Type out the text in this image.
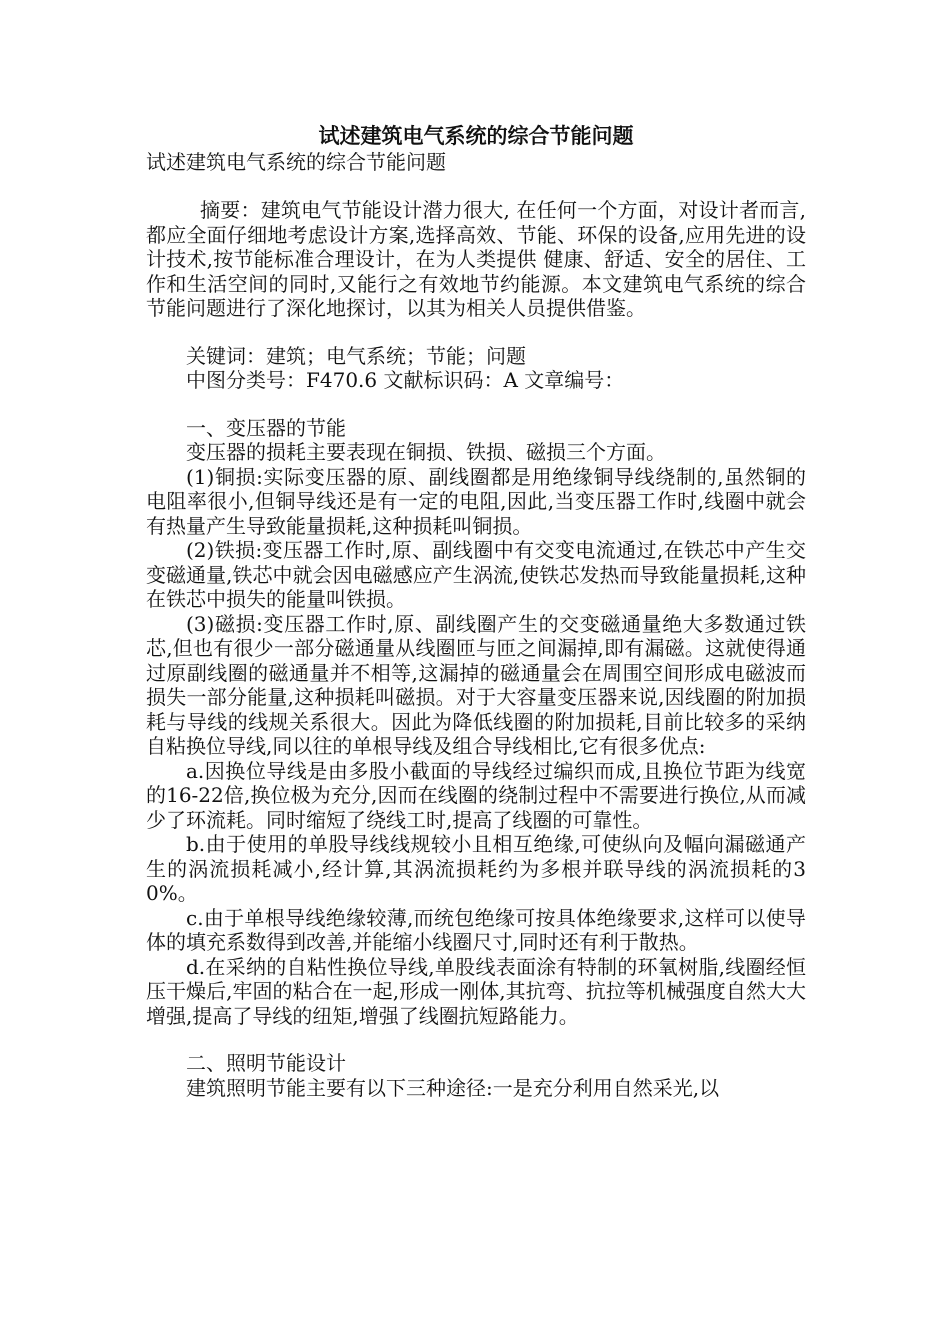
试述建筑电气系统的综合节能问题

试述建筑电气系统的综合节能问题

摘要：建筑电气节能设计潜力很大, 在任何一个方面，对设计者而言,都应全面仔细地考虑设计方案,选择高效、节能、环保的设备,应用先进的设计技术,按节能标准合理设计，在为人类提供 健康、舒适、安全的居住、工作和生活空间的同时,又能行之有效地节约能源。本文建筑电气系统的综合节能问题进行了深化地探讨，以其为相关人员提供借鉴。

关键词：建筑；电气系统；节能；问题

中图分类号：F470.6 文献标识码：A 文章编号：

一、变压器的节能

变压器的损耗主要表现在铜损、铁损、磁损三个方面。

(1)铜损:实际变压器的原、副线圈都是用绝缘铜导线绕制的,虽然铜的电阻率很小,但铜导线还是有一定的电阻,因此,当变压器工作时,线圈中就会有热量产生导致能量损耗,这种损耗叫铜损。

(2)铁损:变压器工作时,原、副线圈中有交变电流通过,在铁芯中产生交变磁通量,铁芯中就会因电磁感应产生涡流,使铁芯发热而导致能量损耗,这种在铁芯中损失的能量叫铁损。

(3)磁损:变压器工作时,原、副线圈产生的交变磁通量绝大多数通过铁芯,但也有很少一部分磁通量从线圈匝与匝之间漏掉,即有漏磁。这就使得通过原副线圈的磁通量并不相等,这漏掉的磁通量会在周围空间形成电磁波而损失一部分能量,这种损耗叫磁损。对于大容量变压器来说,因线圈的附加损耗与导线的线规关系很大。因此为降低线圈的附加损耗,目前比较多的采纳自粘换位导线,同以往的单根导线及组合导线相比,它有很多优点:

a.因换位导线是由多股小截面的导线经过编织而成,且换位节距为线宽的16-22倍,换位极为充分,因而在线圈的绕制过程中不需要进行换位,从而减少了环流耗。同时缩短了绕线工时,提高了线圈的可靠性。

b.由于使用的单股导线线规较小且相互绝缘,可使纵向及幅向漏磁通产生的涡流损耗减小,经计算,其涡流损耗约为多根并联导线的涡流损耗的30%。

c.由于单根导线绝缘较薄,而统包绝缘可按具体绝缘要求,这样可以使导体的填充系数得到改善,并能缩小线圈尺寸,同时还有利于散热。

d.在采纳的自粘性换位导线,单股线表面涂有特制的环氧树脂,线圈经恒压干燥后,牢固的粘合在一起,形成一刚体,其抗弯、抗拉等机械强度自然大大增强,提高了导线的纽矩,增强了线圈抗短路能力。

二、照明节能设计

建筑照明节能主要有以下三种途径:一是充分利用自然采光,以
